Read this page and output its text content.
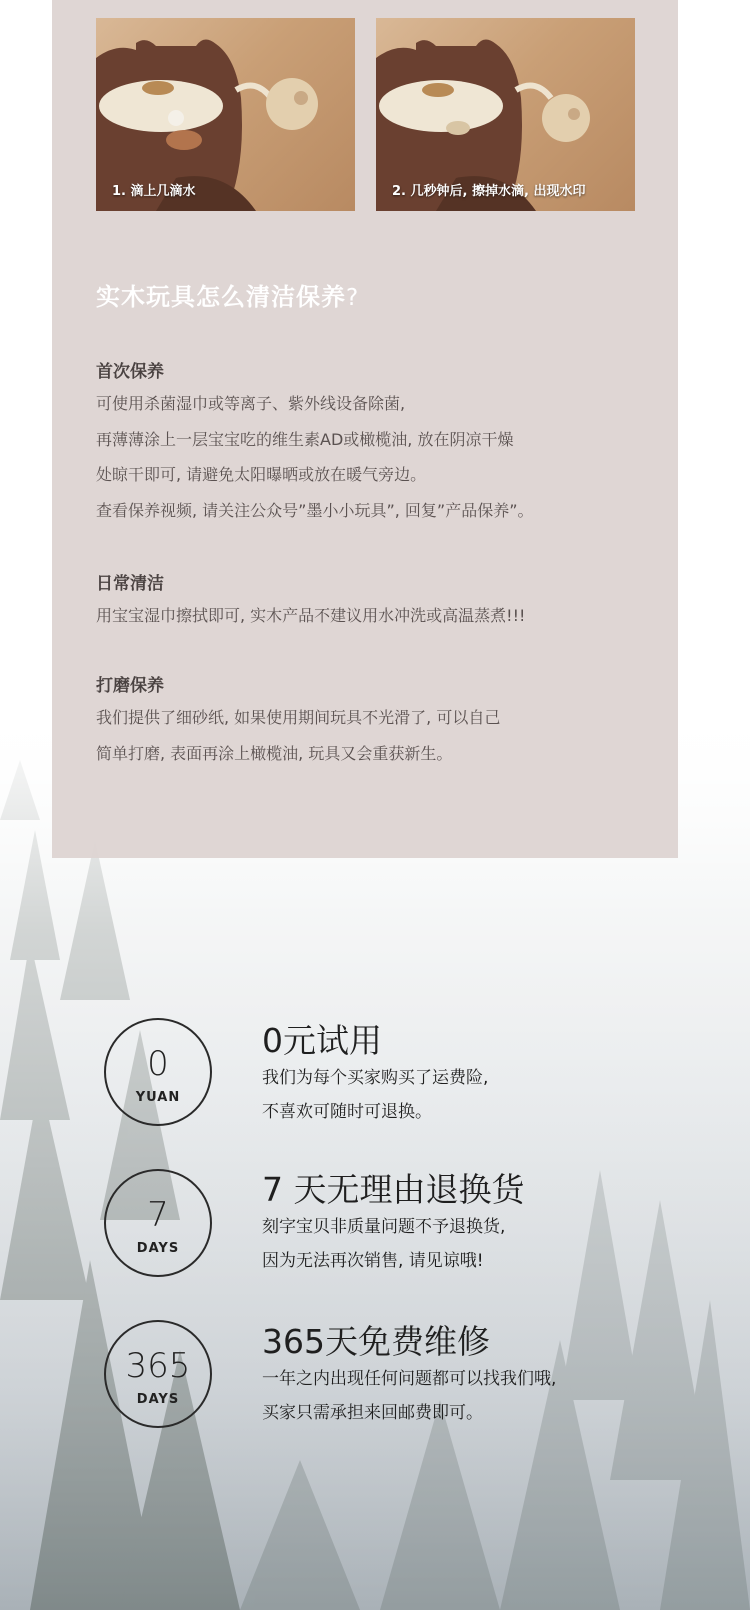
1. 滴上几滴水	2. 几秒钟后, 擦掉水滴, 出现水印
实木玩具怎么清洁保养?
首次保养
可使用杀菌湿巾或等离子、紫外线设备除菌,
再薄薄涂上一层宝宝吃的维生素AD或橄榄油, 放在阴凉干燥
处晾干即可, 请避免太阳曝晒或放在暖气旁边。
查看保养视频, 请关注公众号”墨小小玩具”, 回复”产品保养”。
日常清洁
用宝宝湿巾擦拭即可, 实木产品不建议用水冲洗或高温蒸煮!!!
打磨保养
我们提供了细砂纸, 如果使用期间玩具不光滑了, 可以自己
简单打磨, 表面再涂上橄榄油, 玩具又会重获新生。
0
YUAN
0元试用
我们为每个买家购买了运费险,
不喜欢可随时可退换。
7
DAYS
7 天无理由退换货
刻字宝贝非质量问题不予退换货,
因为无法再次销售, 请见谅哦!
365
DAYS
365天免费维修
一年之内出现任何问题都可以找我们哦,
买家只需承担来回邮费即可。
